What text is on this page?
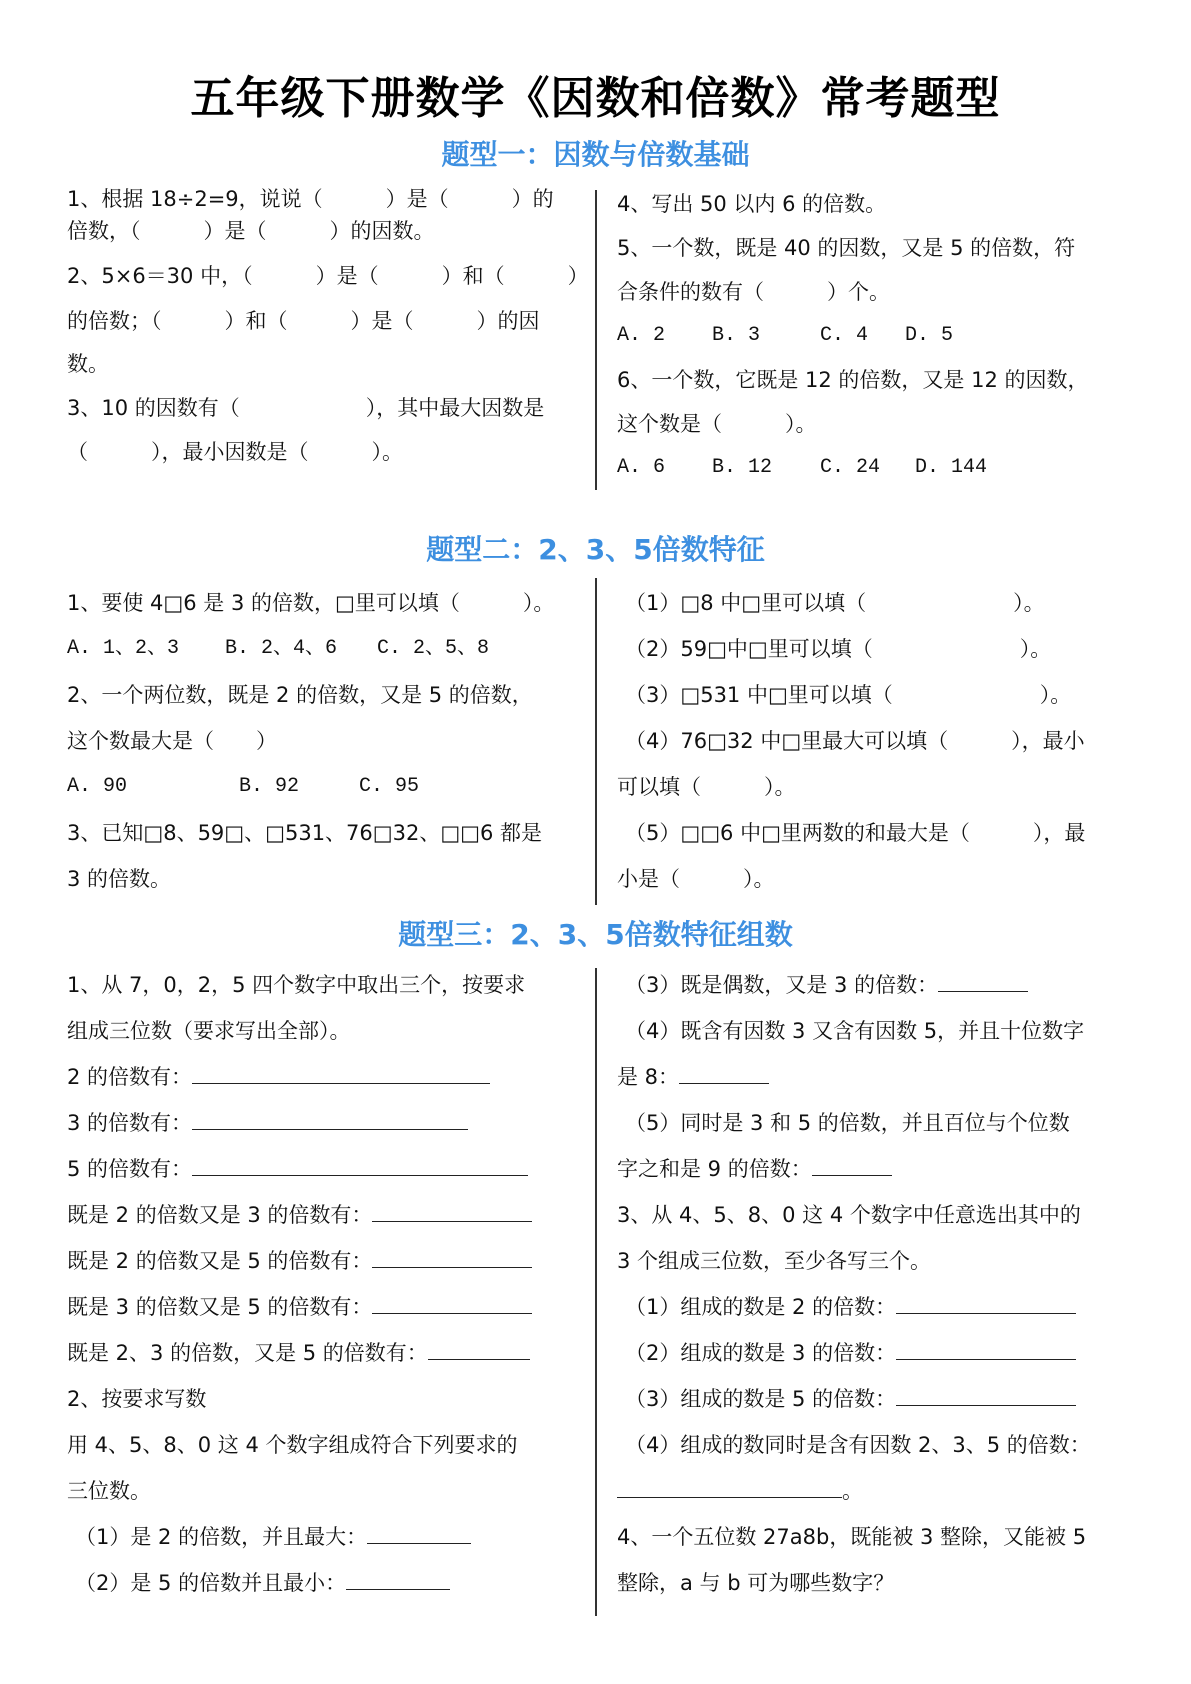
五年级下册数学《因数和倍数》常考题型
题型一：因数与倍数基础
1、根据 18÷2=9，说说（　　　）是（　　　）的
倍数，（　　　）是（　　　）的因数。
2、5×6＝30 中，（　　　）是（　　　）和（　　　）
的倍数；（　　　）和（　　　）是（　　　）的因
数。
3、10 的因数有（　　　　　　），其中最大因数是
（　　　），最小因数是（　　　）。
4、写出 50 以内 6 的倍数。
5、一个数，既是 40 的因数，又是 5 的倍数，符
合条件的数有（　　　）个。
A. 2 B. 3	C. 4 D. 5
6、一个数，它既是 12 的倍数，又是 12 的因数，
这个数是（　　　）。
A. 6 B. 12 C. 24 D. 144
题型二：2、3、5倍数特征
1、要使 4□6 是 3 的倍数，□里可以填（　　　）。
A. 1、2、3 B. 2、4、6 C. 2、5、8
2、一个两位数，既是 2 的倍数，又是 5 的倍数，
这个数最大是（　　）
A. 90	B. 92	C. 95
3、已知□8、59□、□531、76□32、□□6 都是
3 的倍数。
（1）□8 中□里可以填（　　　　　　　）。
（2）59□中□里可以填（　　　　　　　）。
（3）□531 中□里可以填（　　　　　　　）。
（4）76□32 中□里最大可以填（　　　），最小
可以填（　　　）。
（5）□□6 中□里两数的和最大是（　　　），最
小是（　　　）。
题型三：2、3、5倍数特征组数
1、从 7，0，2，5 四个数字中取出三个，按要求
组成三位数（要求写出全部）。
2 的倍数有：
3 的倍数有：
5 的倍数有：
既是 2 的倍数又是 3 的倍数有：
既是 2 的倍数又是 5 的倍数有：
既是 3 的倍数又是 5 的倍数有：
既是 2、3 的倍数，又是 5 的倍数有：
2、按要求写数
用 4、5、8、0 这 4 个数字组成符合下列要求的
三位数。
（1）是 2 的倍数，并且最大：
（2）是 5 的倍数并且最小：
（3）既是偶数，又是 3 的倍数：
（4）既含有因数 3 又含有因数 5，并且十位数字
是 8：
（5）同时是 3 和 5 的倍数，并且百位与个位数
字之和是 9 的倍数：
3、从 4、5、8、0 这 4 个数字中任意选出其中的
3 个组成三位数，至少各写三个。
（1）组成的数是 2 的倍数：
（2）组成的数是 3 的倍数：
（3）组成的数是 5 的倍数：
（4）组成的数同时是含有因数 2、3、5 的倍数：
。
4、一个五位数 27a8b，既能被 3 整除，又能被 5
整除，a 与 b 可为哪些数字？
